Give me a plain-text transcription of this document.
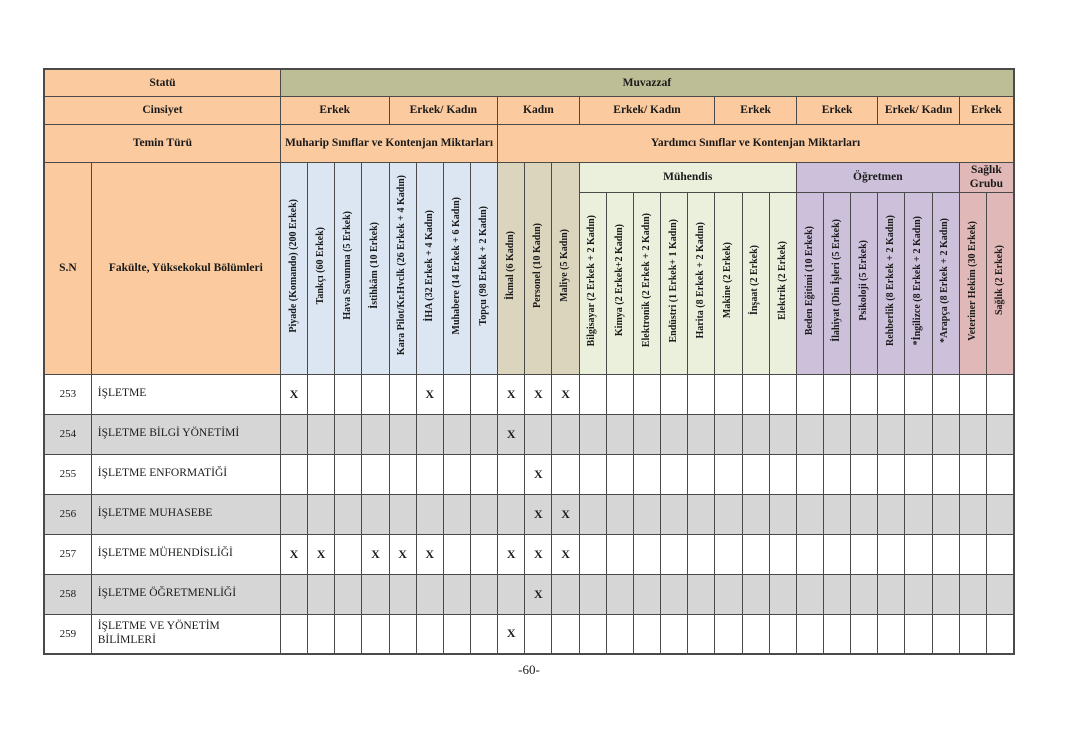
Statü		Muvazzaf																										
Cinsiyet		Erkek				Erkek/ Kadın				Kadın			Erkek/ Kadın					Erkek			Erkek			Erkek/ Kadın			Erkek	
Temin Türü		Muharip Sınıflar ve Kontenjan Miktarları								Yardımcı Sınıflar ve Kontenjan Miktarları																		
S.N	Fakülte, Yüksekokul Bölümleri	Piyade (Komando) (200 Erkek)	Tankçı (60 Erkek)	Hava Savunma (5 Erkek)	İstihkâm (10 Erkek)	Kara Pilot/Kr.Hvclk (26 Erkek + 4 Kadın)	İHA (32 Erkek + 4 Kadın)	Muhabere (14 Erkek + 6 Kadın)	Topçu (98 Erkek + 2 Kadın)	İkmal (6 Kadın)	Personel (10 Kadın)	Maliye (5 Kadın)	Mühendis								Öğretmen						Sağlık Grubu	
													Bilgisayar (2 Erkek + 2 Kadın)	Kimya (2 Erkek+2 Kadın)	Elektronik (2 Erkek + 2 Kadın)	Endüstri (1 Erkek+ 1 Kadın)	Harita (8 Erkek + 2 Kadın)	Makine (2 Erkek)	İnşaat (2 Erkek)	Elektrik (2 Erkek)	Beden Eğitimi (10 Erkek)	İlahiyat (Din İşleri (5 Erkek)	Psikoloji (5 Erkek)	Rehberlik (8 Erkek + 2 Kadın)	*İngilizce (8 Erkek + 2 Kadın)	*Arapça (8 Erkek + 2 Kadın)	Veteriner Hekim (30 Erkek)	Sağlık (2 Erkek)
253	İŞLETME	X					X			X	X	X																
254	İŞLETME BİLGİ YÖNETİMİ									X																		
255	İŞLETME ENFORMATİĞİ										X																	
256	İŞLETME MUHASEBE										X	X																
257	İŞLETME MÜHENDİSLİĞİ	X	X		X	X	X			X	X	X																
258	İŞLETME ÖĞRETMENLİĞİ										X																	
259	İŞLETME VE YÖNETİM BİLİMLERİ									X																		
-60-
